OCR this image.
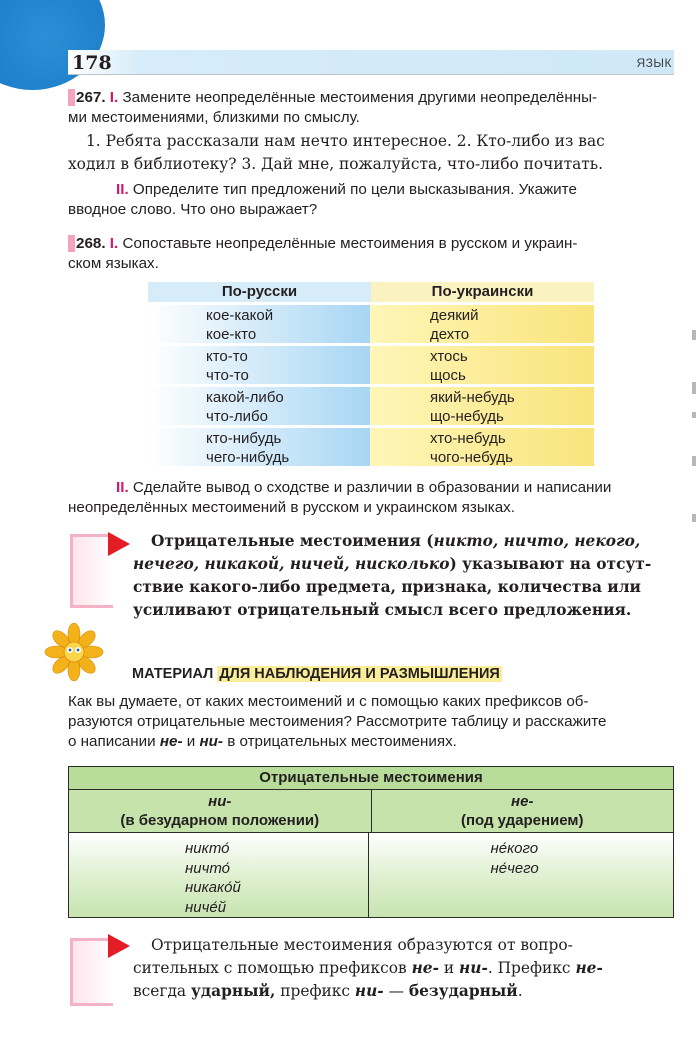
178	ЯЗЫК
267. I. Замените неопределённые местоимения другими неопределённы-
ми местоимениями, близкими по смыслу.
1. Ребята рассказали нам нечто интересное. 2. Кто-либо из вас
ходил в библиотеку? 3. Дай мне, пожалуйста, что-либо почитать.
II. Определите тип предложений по цели высказывания. Укажите
вводное слово. Что оно выражает?
268. I. Сопоставьте неопределённые местоимения в русском и украин-
ском языках.
По-русски	По-украински
кое-какой
кое-кто
деякий
дехто
кто-то
что-то
хтось
щось
какой-либо
что-либо
який-небудь
що-небудь
кто-нибудь
чего-нибудь
хто-небудь
чого-небудь
II. Сделайте вывод о сходстве и различии в образовании и написании
неопределённых местоимений в русском и украинском языках.
Отрицательные местоимения (никто, ничто, некого,
нечего, никакой, ничей, нисколько) указывают на отсут-
ствие какого-либо предмета, признака, количества или
усиливают отрицательный смысл всего предложения.
МАТЕРИАЛ ДЛЯ НАБЛЮДЕНИЯ И РАЗМЫШЛЕНИЯ
Как вы думаете, от каких местоимений и с помощью каких префиксов об-
разуются отрицательные местоимения? Рассмотрите таблицу и расскажите
о написании не- и ни- в отрицательных местоимениях.
Отрицательные местоимения
ни-
(в безударном положении)
не-
(под ударением)
никто́
ничто́
никако́й
ниче́й
не́кого
не́чего
Отрицательные местоимения образуются от вопро-
сительных с помощью префиксов не- и ни-. Префикс не-
всегда ударный, префикс ни- — безударный.
